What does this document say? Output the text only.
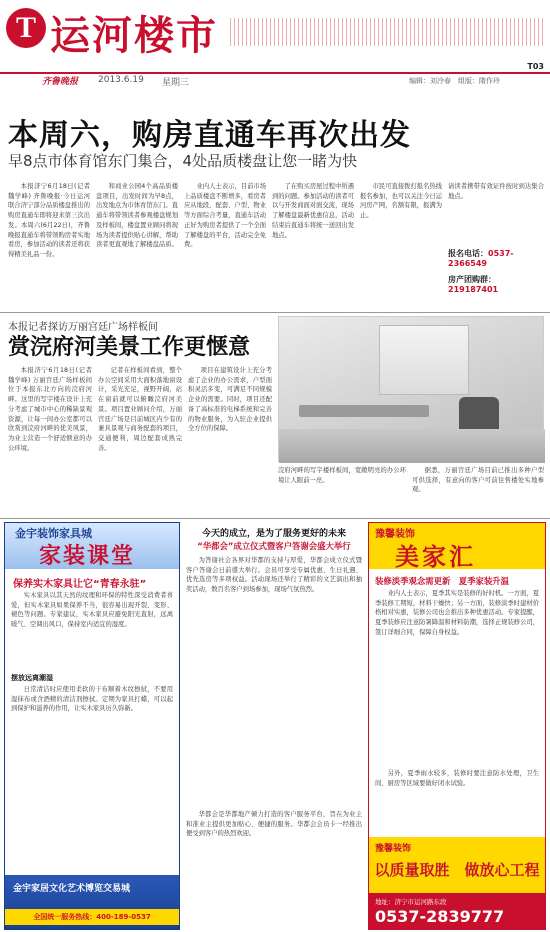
T 运河楼市
T03
齐鲁晚报 2013.6.19 星期三	编辑：刘冷春　组版：隋作玲
本周六，购房直通车再次出发
早8点市体育馆东门集合，4处品质楼盘让您一睹为快
本报济宁6月18日(记者 魏学峰) 齐鲁晚报·今日运河联合济宁部分品质楼盘推出的购房直通车即将迎来第三次出发。本周六(6月22日)，齐鲁晚报直通车将带领购房者实地看房，参加活动的读者还将获得精美礼品一份。
和商业公园4个高品质楼盘项目，出发时间为早8点，出发地点为市体育馆东门。直通车将带领读者参观楼盘规划及样板间，楼盘置业顾问将现场为读者提供贴心讲解，帮助读者更直观地了解楼盘品质。
业内人士表示，目前市场上品质楼盘不断增多，看房者应从地段、配套、户型、物业等方面综合考量，直通车活动正好为购房者提供了一个全面了解楼盘的平台，活动完全免费。
了在购买房屋过程中所遇到的问题。参加活动的读者可以与开发商面对面交流，现场了解楼盘最新优惠信息，活动结束后直通车将统一送回出发地点。
市民可直接拨打报名热线报名参加，也可以关注今日运河房产网，名额有限，报满为止。
请读者携带有效证件按时到达集合地点。
报名电话：0537-2366549
房产团购群：219187401
本报记者探访万丽宫廷广场样板间
赏浣府河美景工作更惬意
本报济宁6月18日(记者 魏学峰) 万丽宫廷广场样板间位于本报东北方向的浣府河畔。这里的写字楼在设计上充分考虑了城市中心的稀缺景观资源，让每一间办公室都可以欣赏到浣府河畔的优美风景，为业主营造一个舒适惬意的办公环境。
记者在样板间看到，整个办公空间采用大面积落地窗设计，采光充足，视野开阔，站在窗前就可以俯瞰浣府河美景。项目置业顾问介绍，万丽宫廷广场是目前城区内少有的兼具景观与商务配套的项目，交通便利，周边配套成熟完善。
项目在建筑设计上充分考虑了企业的办公需求，户型面积灵活多变，可满足不同规模企业的需要。同时，项目还配备了高标准的电梯系统和完善的物业服务，为入驻企业提供全方位的保障。
浣府河畔的写字楼样板间，宽敞明亮的办公环境让人眼前一亮。
据悉，万丽宫廷广场目前已推出多种户型可供选择，有意向的客户可前往售楼处实地参观。
金宇装饰家具城
家装课堂
保养实木家具让它“青春永驻”
实木家具以其天然的纹理和环保的特性深受消费者喜爱，但实木家具如果保养不当，很容易出现开裂、变形、褪色等问题。专家建议，实木家具应避免阳光直射，远离暖气、空调出风口，保持室内适宜的湿度。
摆放远离潮湿
日常清洁时应使用柔软的干布顺着木纹擦拭，不要用湿抹布或含酒精的清洁剂擦拭。定期为家具打蜡，可以起到保护和滋养的作用，让实木家具历久弥新。
金宇家居文化艺术博览交易城
全国统一服务热线：400-189-0537
今天的成立，是为了服务更好的未来
“华都会”成立仪式暨客户答谢会盛大举行
为答谢社会各界对华都的支持与厚爱，华都会成立仪式暨客户答谢会日前盛大举行。会员可享受专属优惠、生日礼遇、优先选房等多项权益。活动现场还举行了精彩的文艺演出和抽奖活动，数百名客户到场参加，现场气氛热烈。
华都会是华都地产倾力打造的客户服务平台，旨在为业主和准业主提供更加贴心、便捷的服务。华都会会员卡一经推出便受到客户的热烈欢迎。
豫馨装饰
美家汇
装修淡季观念需更新　夏季家装升温
业内人士表示，夏季其实是装修的好时机。一方面，夏季装修工期短，材料干燥快；另一方面，装修淡季时建材价格相对实惠，装修公司也会推出多种优惠活动。专家提醒，夏季装修应注意防暑降温和材料防潮，选择正规装修公司，签订详细合同，保障自身权益。
另外，夏季雨水较多，装修时要注意防水处理，卫生间、厨房等区域要做好闭水试验。
豫馨装饰
以质量取胜　做放心工程
地址：济宁市运河路东段
0537-2839777
